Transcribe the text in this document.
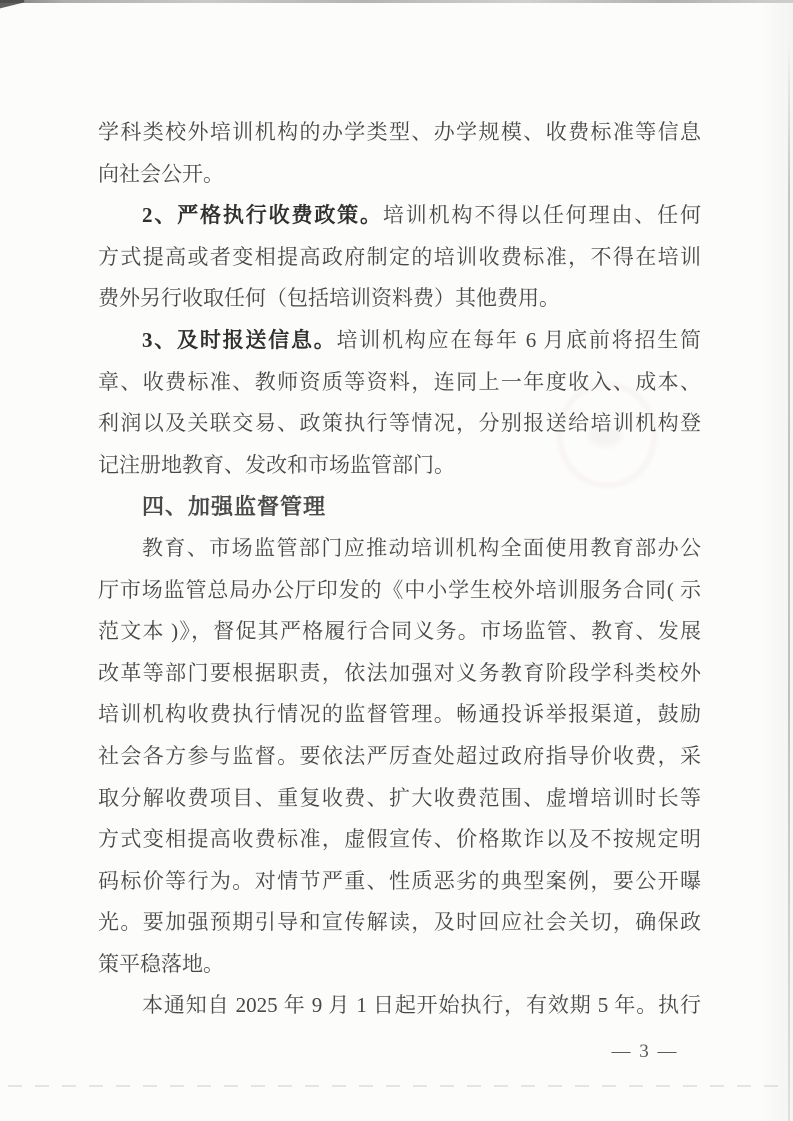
学科类校外培训机构的办学类型、办学规模、收费标准等信息
向社会公开。
2、严格执行收费政策。培训机构不得以任何理由、任何
方式提高或者变相提高政府制定的培训收费标准，不得在培训
费外另行收取任何（包括培训资料费）其他费用。
3、及时报送信息。培训机构应在每年 6 月底前将招生简
章、收费标准、教师资质等资料，连同上一年度收入、成本、
利润以及关联交易、政策执行等情况，分别报送给培训机构登
记注册地教育、发改和市场监管部门。
四、加强监督管理
教育、市场监管部门应推动培训机构全面使用教育部办公
厅市场监管总局办公厅印发的《中小学生校外培训服务合同( 示
范文本 )》，督促其严格履行合同义务。市场监管、教育、发展
改革等部门要根据职责，依法加强对义务教育阶段学科类校外
培训机构收费执行情况的监督管理。畅通投诉举报渠道，鼓励
社会各方参与监督。要依法严厉查处超过政府指导价收费，采
取分解收费项目、重复收费、扩大收费范围、虚增培训时长等
方式变相提高收费标准，虚假宣传、价格欺诈以及不按规定明
码标价等行为。对情节严重、性质恶劣的典型案例，要公开曝
光。要加强预期引导和宣传解读，及时回应社会关切，确保政
策平稳落地。
本通知自 2025 年 9 月 1 日起开始执行，有效期 5 年。执行
— 3 —
